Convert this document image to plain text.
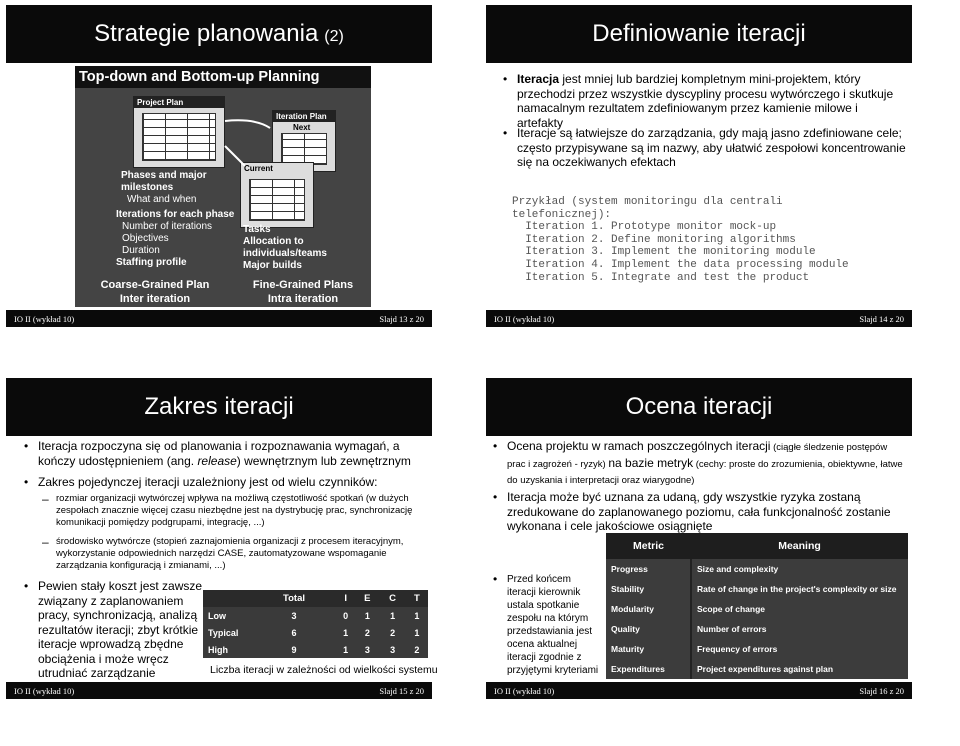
Strategie planowania (2)
Top-down and Bottom-up Planning
Project Plan
Iteration Plan
Next
Current
Phases and major
milestones
What and when
Iterations for each phase
Number of iterations
Objectives
Duration
Staffing profile
Tasks
Allocation to
individuals/teams
Major builds
Coarse-Grained Plan
Inter iteration
Fine-Grained Plans
Intra iteration
IO II (wykład 10)	Slajd 13 z 20
Definiowanie iteracji
• Iteracja jest mniej lub bardziej kompletnym mini-projektem, który przechodzi przez wszystkie dyscypliny procesu wytwórczego i skutkuje namacalnym rezultatem zdefiniowanym przez kamienie milowe i artefakty
• Iteracje są łatwiejsze do zarządzania, gdy mają jasno zdefiniowane cele; często przypisywane są im nazwy, aby ułatwić zespołowi koncentrowanie się na oczekiwanych efektach
Przykład (system monitoringu dla centrali
telefonicznej):
Iteration 1. Prototype monitor mock-up
Iteration 2. Define monitoring algorithms
Iteration 3. Implement the monitoring module
Iteration 4. Implement the data processing module
Iteration 5. Integrate and test the product
IO II (wykład 10)	Slajd 14 z 20
Zakres iteracji
• Iteracja rozpoczyna się od planowania i rozpoznawania wymagań, a kończy udostępnieniem (ang. release) wewnętrznym lub zewnętrznym
• Zakres pojedynczej iteracji uzależniony jest od wielu czynników:
– rozmiar organizacji wytwórczej wpływa na możliwą częstotliwość spotkań (w dużych zespołach znacznie więcej czasu niezbędne jest na dystrybucję prac, synchronizację komunikacji pomiędzy podgrupami, integrację, ...)
– środowisko wytwórcze (stopień zaznajomienia organizacji z procesem iteracyjnym, wykorzystanie odpowiednich narzędzi CASE, zautomatyzowane wspomaganie zarządzania konfiguracją i zmianami, ...)
• Pewien stały koszt jest zawsze związany z zaplanowaniem pracy, synchronizacją, analizą rezultatów iteracji; zbyt krótkie iteracje wprowadzą zbędne obciążenia i może wręcz utrudniać zarządzanie
IO II (wykład 10)	Slajd 15 z 20
	Total	I	E	C	T
Low	3	0	1	1	1
Typical	6	1	2	2	1
High	9	1	3	3	2
Liczba iteracji w zależności od wielkości systemu
Ocena iteracji
• Ocena projektu w ramach poszczególnych iteracji (ciągłe śledzenie postępów prac i zagrożeń - ryzyk) na bazie metryk (cechy: proste do zrozumienia, obiektywne, łatwe do uzyskania i interpretacji oraz wiarygodne)
• Iteracja może być uznana za udaną, gdy wszystkie ryzyka zostaną zredukowane do zaplanowanego poziomu, cała funkcjonalność zostanie wykonana i cele jakościowe osiągnięte
• Przed końcem iteracji kierownik ustala spotkanie zespołu na którym przedstawiania jest ocena aktualnej iteracji zgodnie z przyjętymi kryteriami
IO II (wykład 10)	Slajd 16 z 20
Metric	Meaning
Progress	Size and complexity
Stability	Rate of change in the project's complexity or size
Modularity	Scope of change
Quality	Number of errors
Maturity	Frequency of errors
Expenditures	Project expenditures against plan
